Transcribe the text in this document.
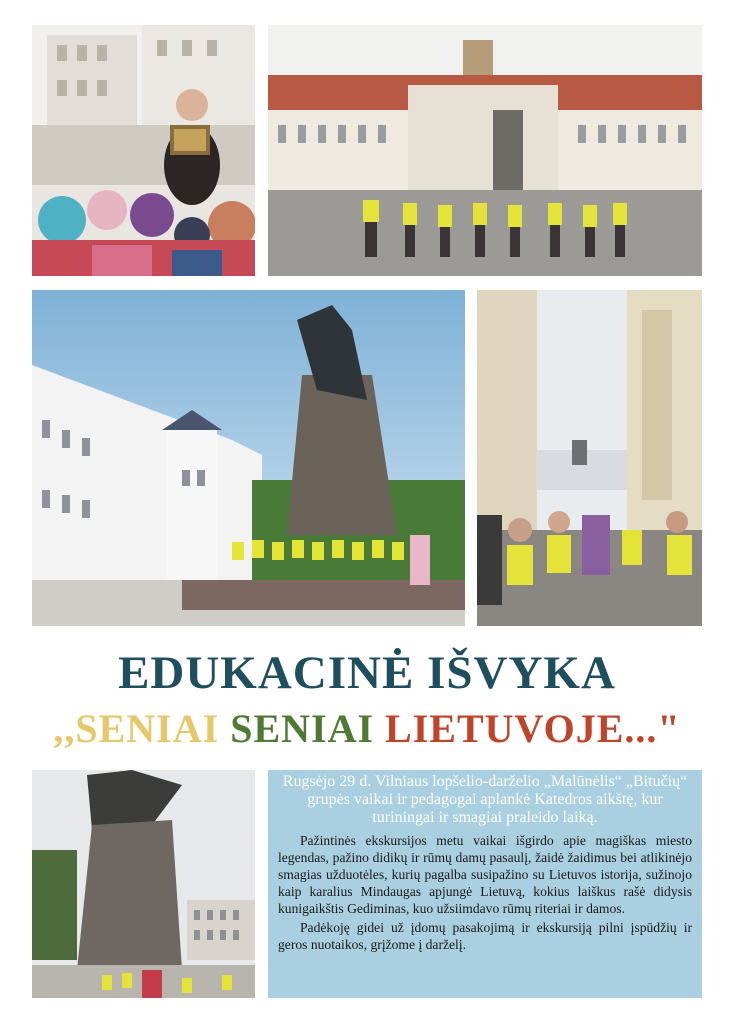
EDUKACINĖ IŠVYKA
,,SENIAI SENIAI LIETUVOJE..."

Rugsėjo 29 d. Vilniaus lopšelio-darželio „Malūnėlis“ „Bitučių“ grupės vaikai ir pedagogai aplankė Katedros aikštę, kur turiningai ir smagiai praleido laiką.

Pažintinės ekskursijos metu vaikai išgirdo apie magiškas miesto legendas, pažino didikų ir rūmų damų pasaulį, žaidė žaidimus bei atlikinėjo smagias užduotėles, kurių pagalba susipažino su Lietuvos istorija, sužinojo kaip karalius Mindaugas apjungė Lietuvą, kokius laiškus rašė didysis kunigaikštis Gediminas, kuo užsiimdavo rūmų riteriai ir damos.

Padėkoję gidei už įdomų pasakojimą ir ekskursiją pilni įspūdžių ir geros nuotaikos, grįžome į darželį.
